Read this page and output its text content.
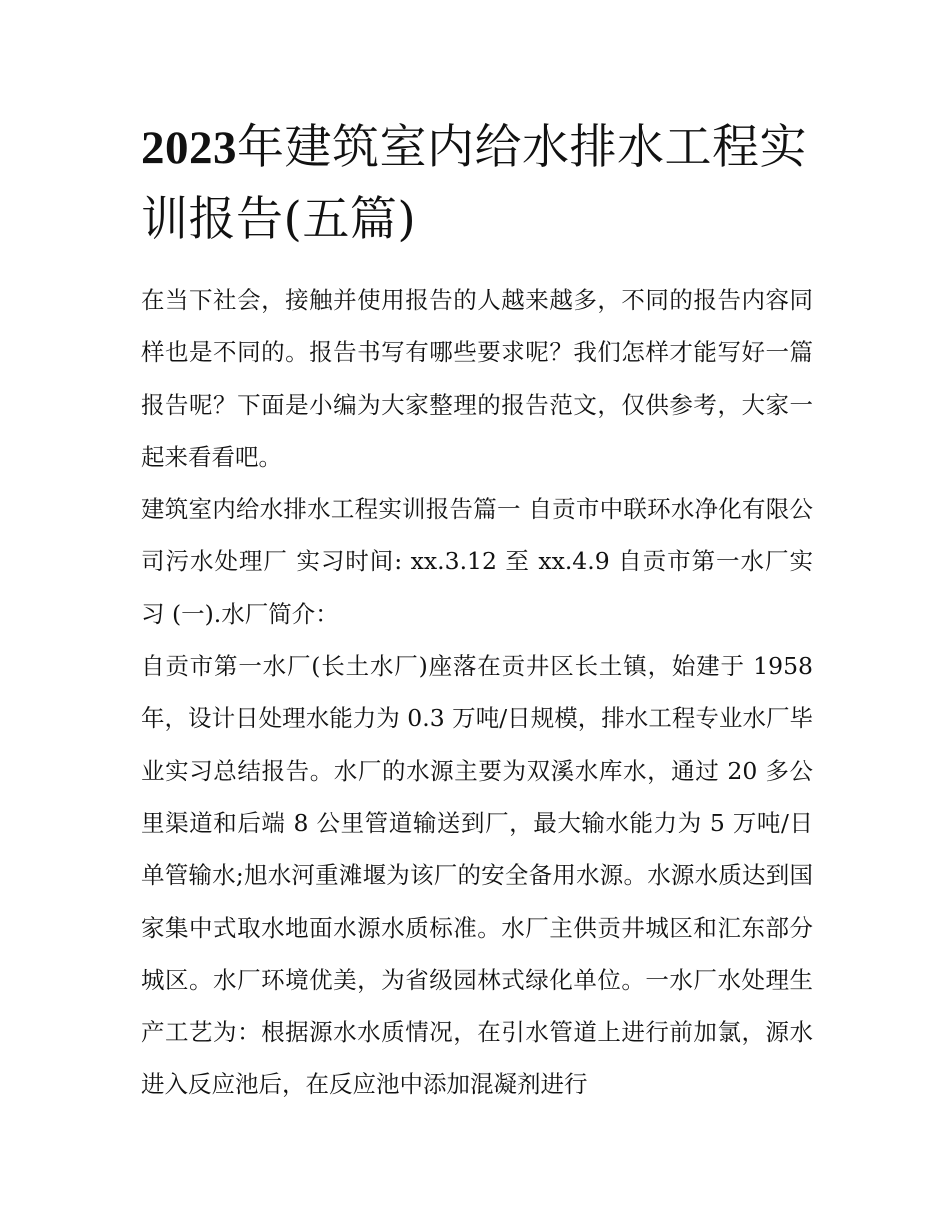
2023年建筑室内给水排水工程实训报告(五篇)

在当下社会，接触并使用报告的人越来越多，不同的报告内容同样也是不同的。报告书写有哪些要求呢？我们怎样才能写好一篇报告呢？下面是小编为大家整理的报告范文，仅供参考，大家一起来看看吧。

建筑室内给水排水工程实训报告篇一 自贡市中联环水净化有限公司污水处理厂 实习时间: xx.3.12 至 xx.4.9 自贡市第一水厂实习 (一).水厂简介：

自贡市第一水厂(长土水厂)座落在贡井区长土镇，始建于 1958 年，设计日处理水能力为 0.3 万吨/日规模，排水工程专业水厂毕业实习总结报告。水厂的水源主要为双溪水库水，通过 20 多公里渠道和后端 8 公里管道输送到厂，最大输水能力为 5 万吨/日单管输水;旭水河重滩堰为该厂的安全备用水源。水源水质达到国家集中式取水地面水源水质标准。水厂主供贡井城区和汇东部分城区。水厂环境优美，为省级园林式绿化单位。一水厂水处理生产工艺为：根据源水水质情况，在引水管道上进行前加氯，源水进入反应池后，在反应池中添加混凝剂进行
